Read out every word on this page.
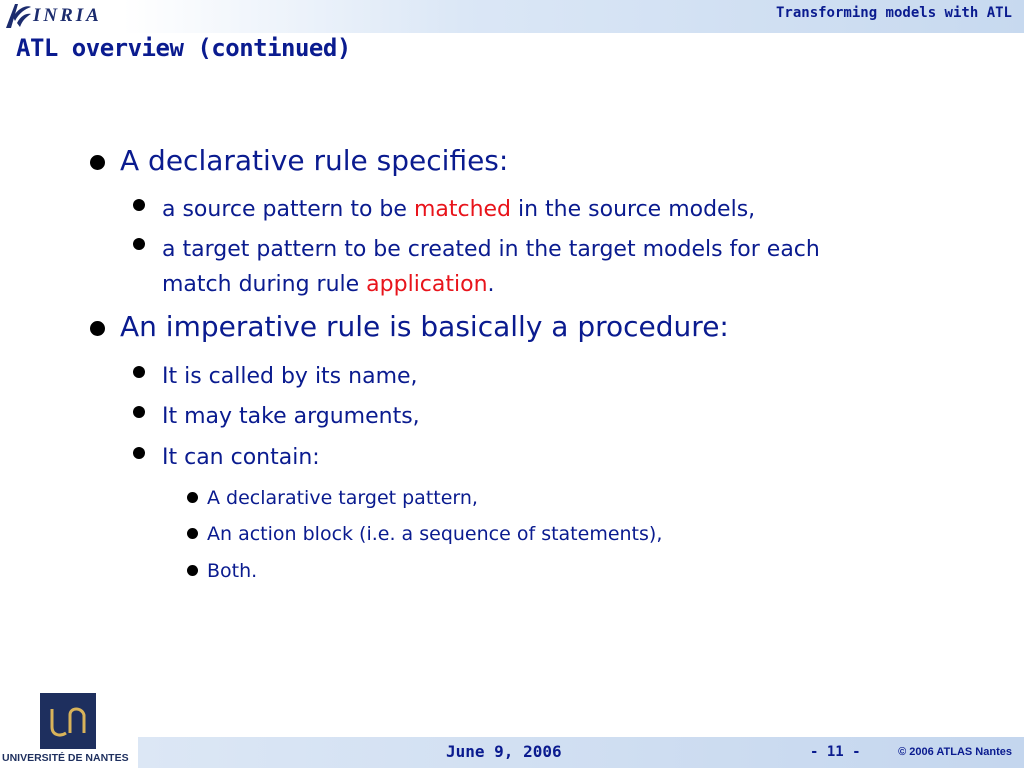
INRIA	Transforming models with ATL
ATL overview (continued)
A declarative rule specifies:
a source pattern to be matched in the source models,
a target pattern to be created in the target models for each
match during rule application.
An imperative rule is basically a procedure:
It is called by its name,
It may take arguments,
It can contain:
A declarative target pattern,
An action block (i.e. a sequence of statements),
Both.
UNIVERSITÉ DE NANTES	June 9, 2006	- 11 -	© 2006 ATLAS Nantes
